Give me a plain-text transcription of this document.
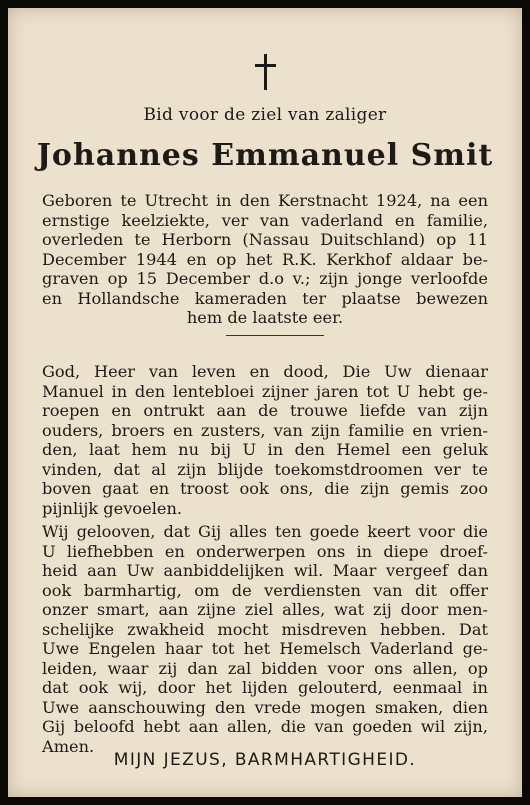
Bid voor de ziel van zaliger
Johannes Emmanuel Smit
Geboren te Utrecht in den Kerstnacht 1924, na een
ernstige keelziekte, ver van vaderland en familie,
overleden te Herborn (Nassau Duitschland) op 11
December 1944 en op het R.K. Kerkhof aldaar be-
graven op 15 December d.o v.; zijn jonge verloofde
en Hollandsche kameraden ter plaatse bewezen
hem de laatste eer.
God, Heer van leven en dood, Die Uw dienaar
Manuel in den lentebloei zijner jaren tot U hebt ge-
roepen en ontrukt aan de trouwe liefde van zijn
ouders, broers en zusters, van zijn familie en vrien-
den, laat hem nu bij U in den Hemel een geluk
vinden, dat al zijn blijde toekomstdroomen ver te
boven gaat en troost ook ons, die zijn gemis zoo
pijnlijk gevoelen.
Wij gelooven, dat Gij alles ten goede keert voor die
U liefhebben en onderwerpen ons in diepe droef-
heid aan Uw aanbiddelijken wil. Maar vergeef dan
ook barmhartig, om de verdiensten van dit offer
onzer smart, aan zijne ziel alles, wat zij door men-
schelijke zwakheid mocht misdreven hebben. Dat
Uwe Engelen haar tot het Hemelsch Vaderland ge-
leiden, waar zij dan zal bidden voor ons allen, op
dat ook wij, door het lijden gelouterd, eenmaal in
Uwe aanschouwing den vrede mogen smaken, dien
Gij beloofd hebt aan allen, die van goeden wil zijn,
Amen.
MIJN JEZUS, BARMHARTIGHEID.
